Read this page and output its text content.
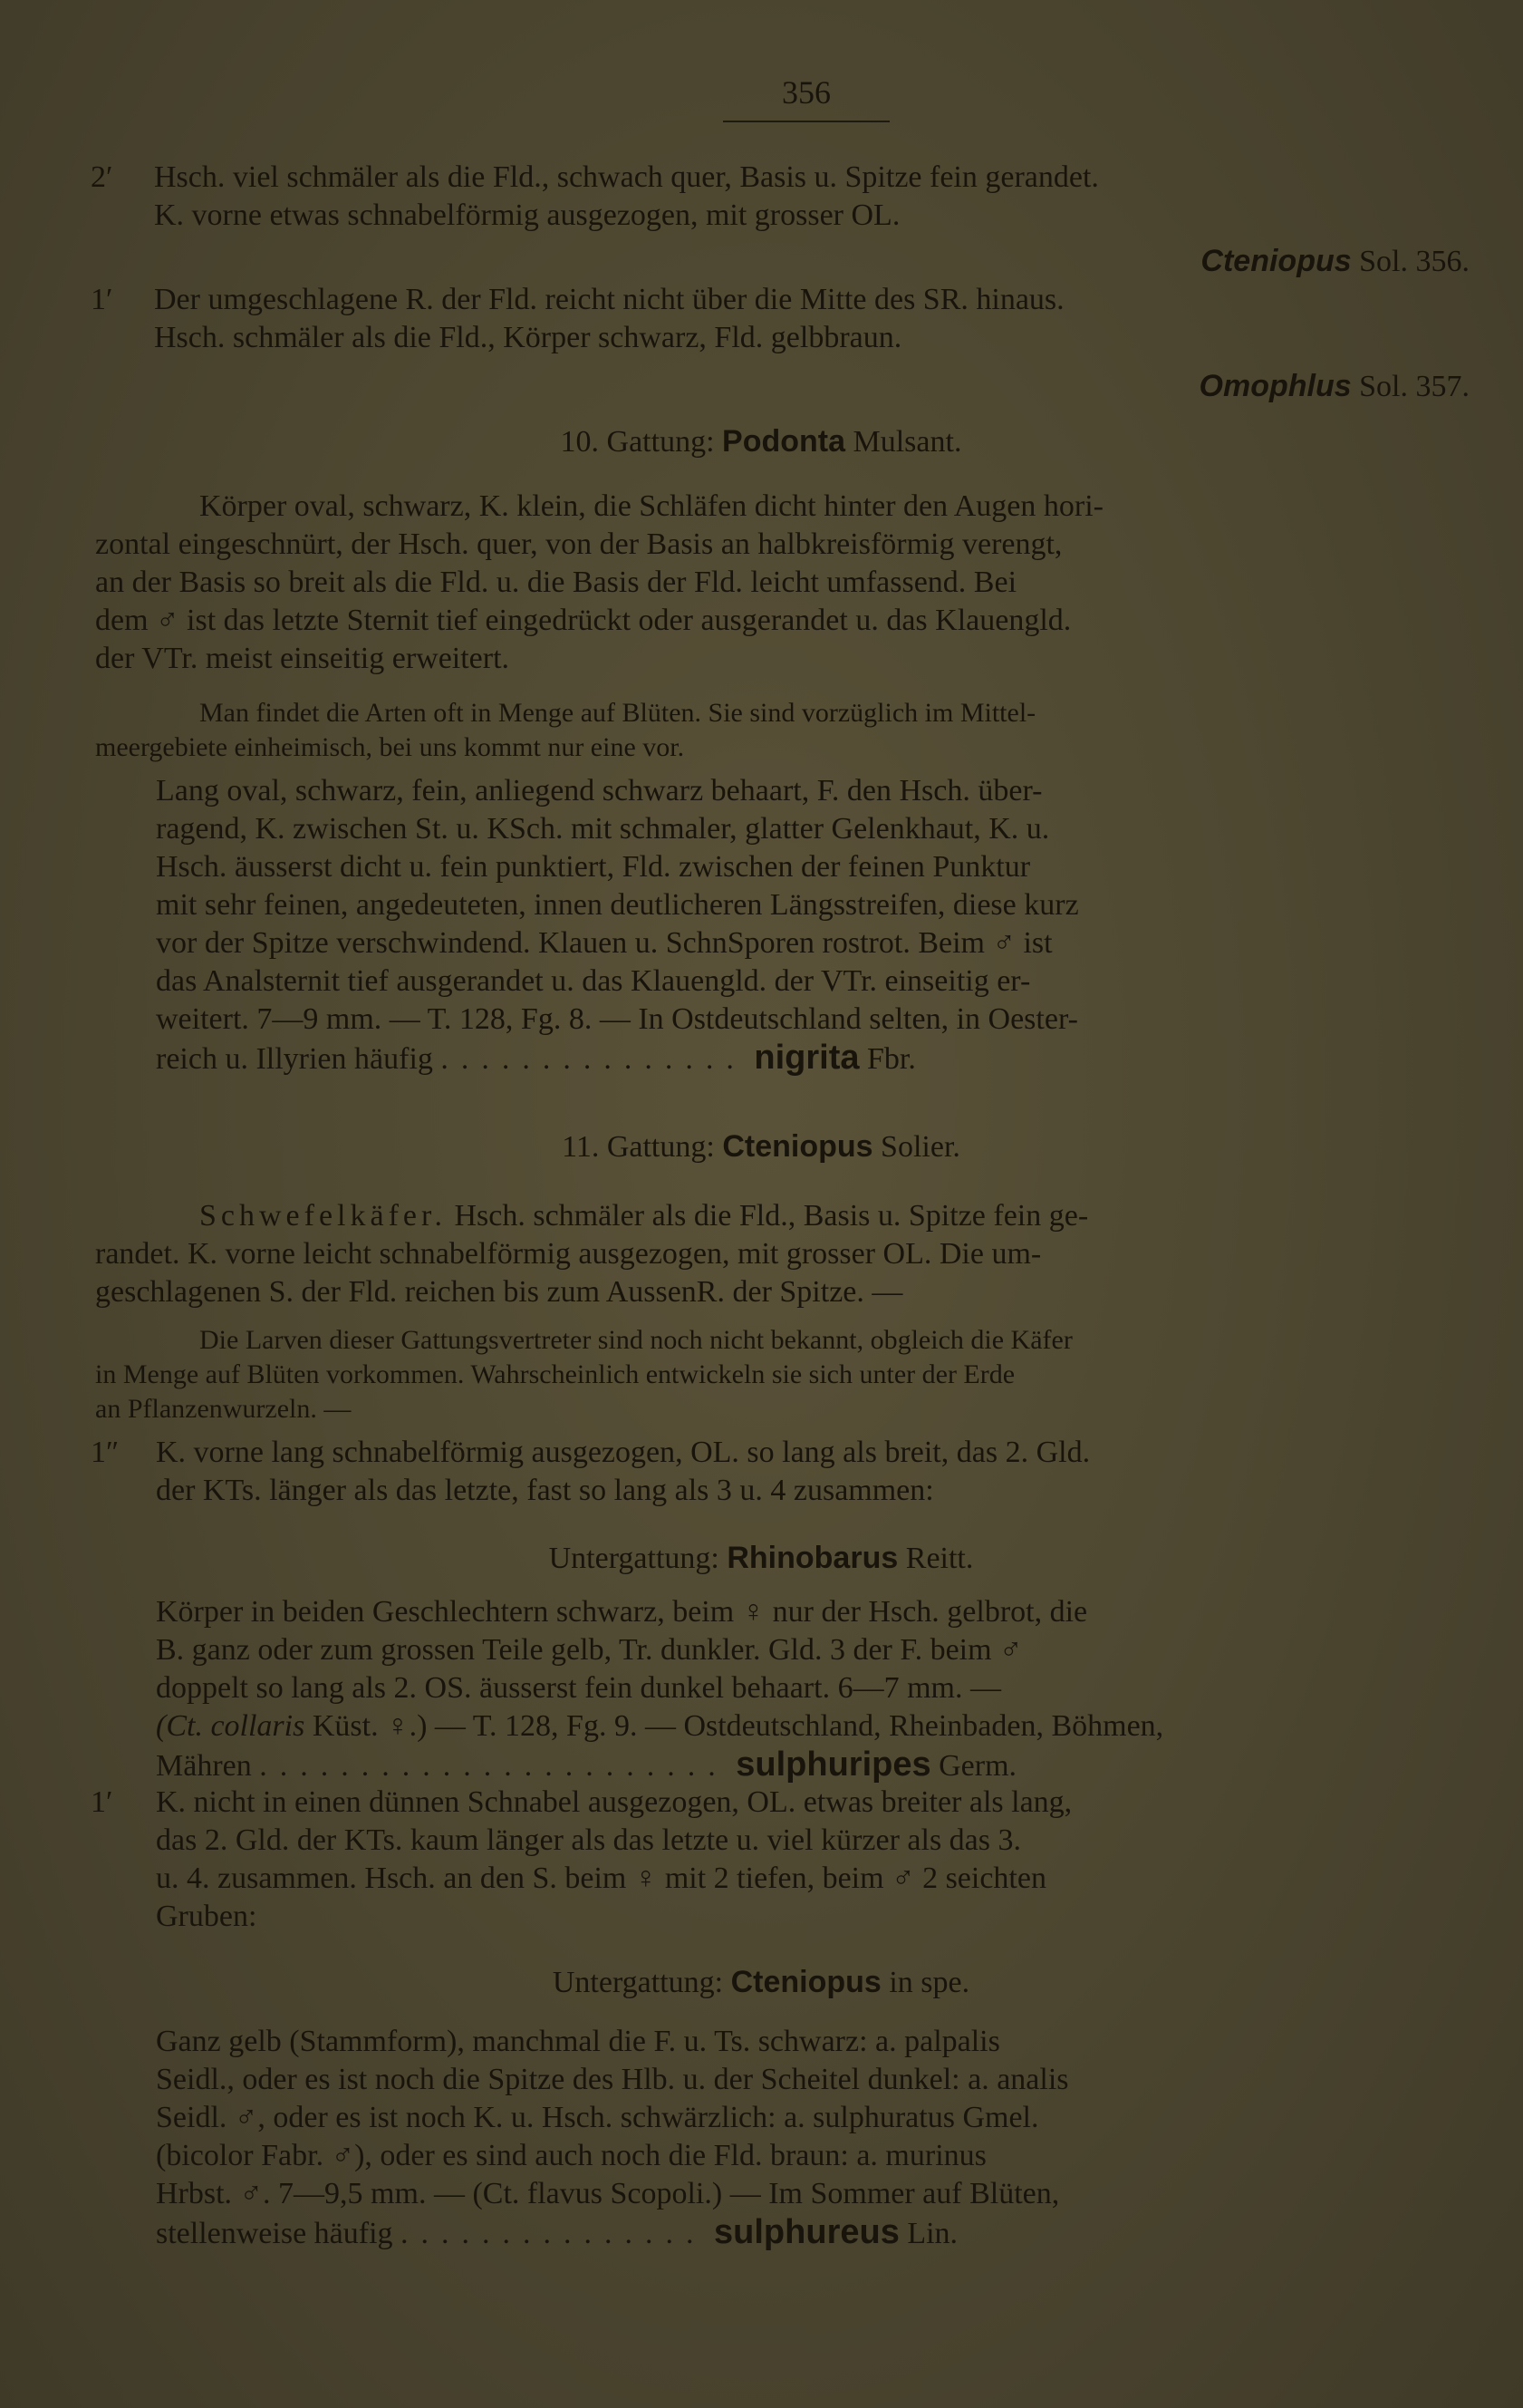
356
2′ Hsch. viel schmäler als die Fld., schwach quer, Basis u. Spitze fein gerandet.
K. vorne etwas schnabelförmig ausgezogen, mit grosser OL.
Cteniopus Sol. 356.
1′ Der umgeschlagene R. der Fld. reicht nicht über die Mitte des SR. hinaus.
Hsch. schmäler als die Fld., Körper schwarz, Fld. gelbbraun.
Omophlus Sol. 357.
10. Gattung: Podonta Mulsant.
Körper oval, schwarz, K. klein, die Schläfen dicht hinter den Augen hori-
zontal eingeschnürt, der Hsch. quer, von der Basis an halbkreisförmig verengt,
an der Basis so breit als die Fld. u. die Basis der Fld. leicht umfassend. Bei
dem ♂ ist das letzte Sternit tief eingedrückt oder ausgerandet u. das Klauengld.
der VTr. meist einseitig erweitert.
Man findet die Arten oft in Menge auf Blüten. Sie sind vorzüglich im Mittel-
meergebiete einheimisch, bei uns kommt nur eine vor.
Lang oval, schwarz, fein, anliegend schwarz behaart, F. den Hsch. über-
ragend, K. zwischen St. u. KSch. mit schmaler, glatter Gelenkhaut, K. u.
Hsch. äusserst dicht u. fein punktiert, Fld. zwischen der feinen Punktur
mit sehr feinen, angedeuteten, innen deutlicheren Längsstreifen, diese kurz
vor der Spitze verschwindend. Klauen u. SchnSporen rostrot. Beim ♂ ist
das Analsternit tief ausgerandet u. das Klauengld. der VTr. einseitig er-
weitert. 7—9 mm. — T. 128, Fg. 8. — In Ostdeutschland selten, in Oester-
reich u. Illyrien häufig ............... nigrita Fbr.
11. Gattung: Cteniopus Solier.
Schwefelkäfer. Hsch. schmäler als die Fld., Basis u. Spitze fein ge-
randet. K. vorne leicht schnabelförmig ausgezogen, mit grosser OL. Die um-
geschlagenen S. der Fld. reichen bis zum AussenR. der Spitze. —
Die Larven dieser Gattungsvertreter sind noch nicht bekannt, obgleich die Käfer
in Menge auf Blüten vorkommen. Wahrscheinlich entwickeln sie sich unter der Erde
an Pflanzenwurzeln. —
1″ K. vorne lang schnabelförmig ausgezogen, OL. so lang als breit, das 2. Gld.
der KTs. länger als das letzte, fast so lang als 3 u. 4 zusammen:
Untergattung: Rhinobarus Reitt.
Körper in beiden Geschlechtern schwarz, beim ♀ nur der Hsch. gelbrot, die
B. ganz oder zum grossen Teile gelb, Tr. dunkler. Gld. 3 der F. beim ♂
doppelt so lang als 2. OS. äusserst fein dunkel behaart. 6—7 mm. —
(Ct. collaris Küst. ♀.) — T. 128, Fg. 9. — Ostdeutschland, Rheinbaden, Böhmen,
Mähren ....................... sulphuripes Germ.
1′ K. nicht in einen dünnen Schnabel ausgezogen, OL. etwas breiter als lang,
das 2. Gld. der KTs. kaum länger als das letzte u. viel kürzer als das 3.
u. 4. zusammen. Hsch. an den S. beim ♀ mit 2 tiefen, beim ♂ 2 seichten
Gruben:
Untergattung: Cteniopus in spe.
Ganz gelb (Stammform), manchmal die F. u. Ts. schwarz: a. palpalis
Seidl., oder es ist noch die Spitze des Hlb. u. der Scheitel dunkel: a. analis
Seidl. ♂, oder es ist noch K. u. Hsch. schwärzlich: a. sulphuratus Gmel.
(bicolor Fabr. ♂), oder es sind auch noch die Fld. braun: a. murinus
Hrbst. ♂. 7—9,5 mm. — (Ct. flavus Scopoli.) — Im Sommer auf Blüten,
stellenweise häufig ............... sulphureus Lin.
